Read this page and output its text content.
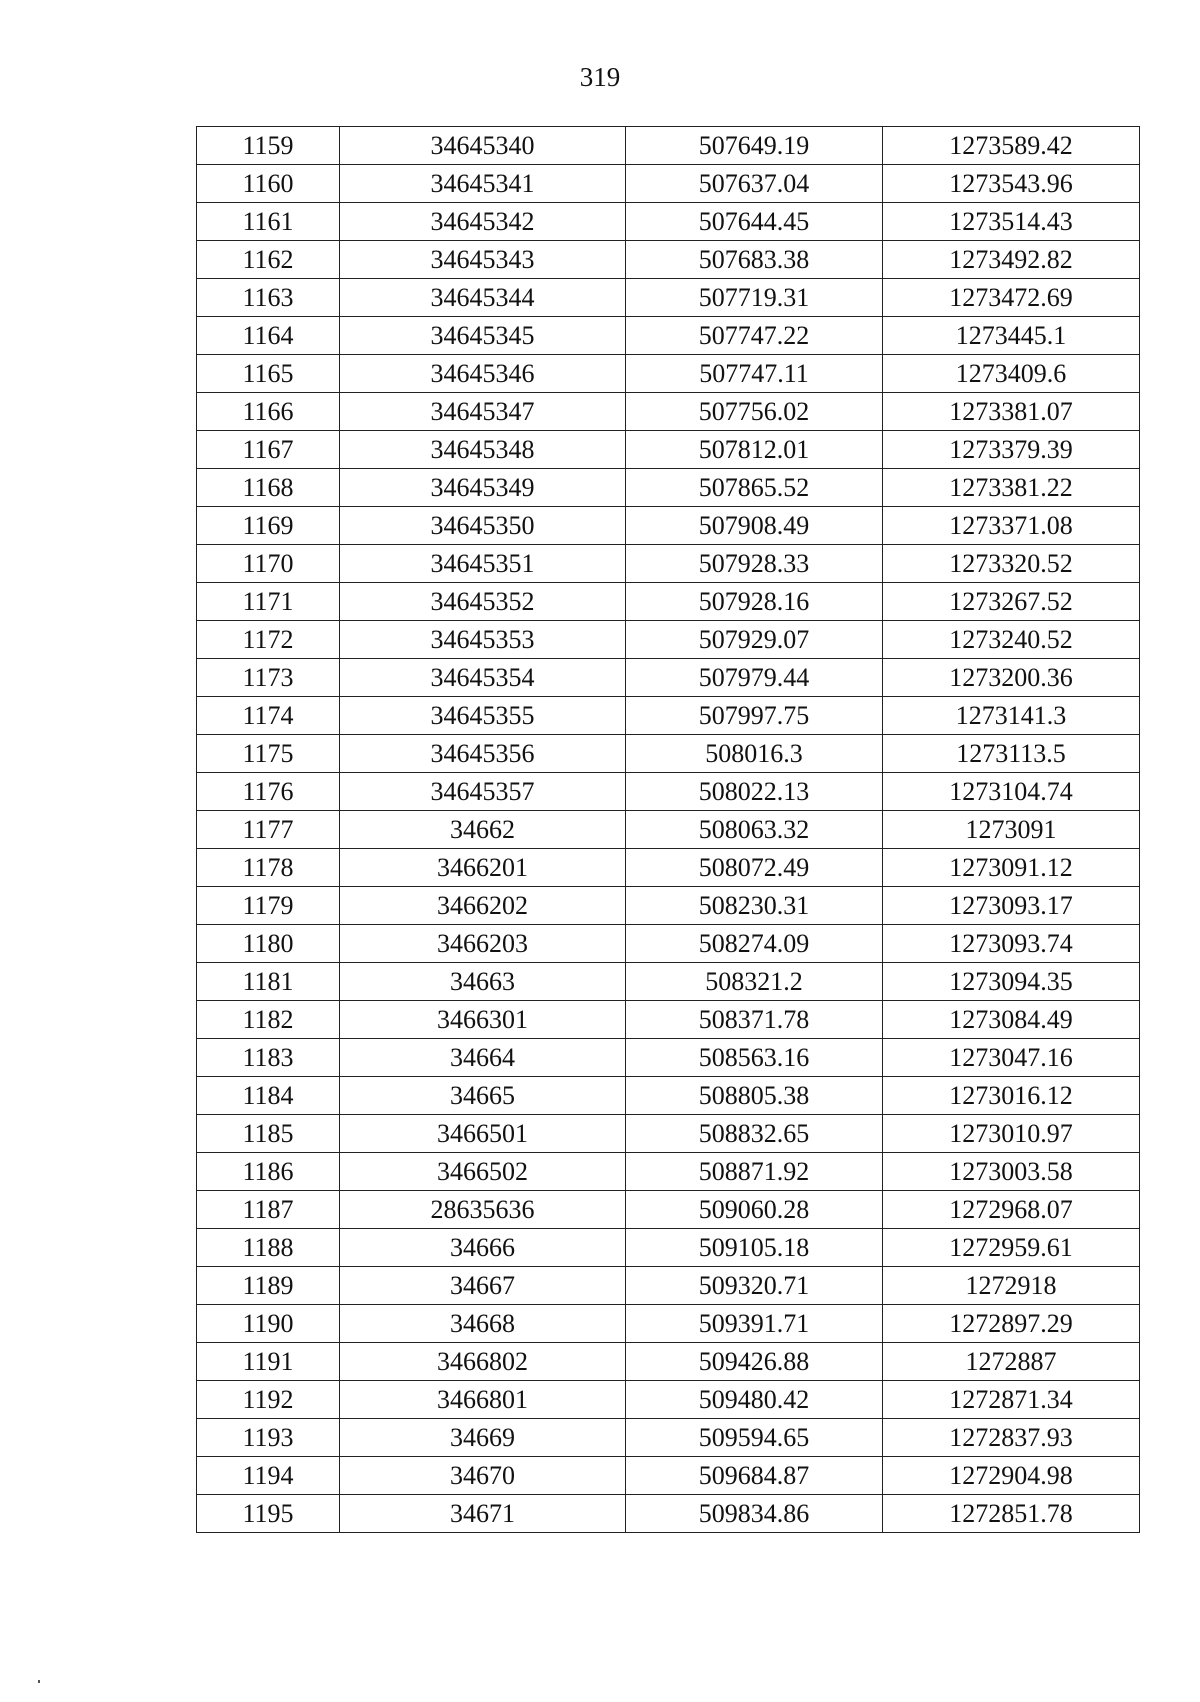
319
1159	34645340	507649.19	1273589.42
1160	34645341	507637.04	1273543.96
1161	34645342	507644.45	1273514.43
1162	34645343	507683.38	1273492.82
1163	34645344	507719.31	1273472.69
1164	34645345	507747.22	1273445.1
1165	34645346	507747.11	1273409.6
1166	34645347	507756.02	1273381.07
1167	34645348	507812.01	1273379.39
1168	34645349	507865.52	1273381.22
1169	34645350	507908.49	1273371.08
1170	34645351	507928.33	1273320.52
1171	34645352	507928.16	1273267.52
1172	34645353	507929.07	1273240.52
1173	34645354	507979.44	1273200.36
1174	34645355	507997.75	1273141.3
1175	34645356	508016.3	1273113.5
1176	34645357	508022.13	1273104.74
1177	34662	508063.32	1273091
1178	3466201	508072.49	1273091.12
1179	3466202	508230.31	1273093.17
1180	3466203	508274.09	1273093.74
1181	34663	508321.2	1273094.35
1182	3466301	508371.78	1273084.49
1183	34664	508563.16	1273047.16
1184	34665	508805.38	1273016.12
1185	3466501	508832.65	1273010.97
1186	3466502	508871.92	1273003.58
1187	28635636	509060.28	1272968.07
1188	34666	509105.18	1272959.61
1189	34667	509320.71	1272918
1190	34668	509391.71	1272897.29
1191	3466802	509426.88	1272887
1192	3466801	509480.42	1272871.34
1193	34669	509594.65	1272837.93
1194	34670	509684.87	1272904.98
1195	34671	509834.86	1272851.78
